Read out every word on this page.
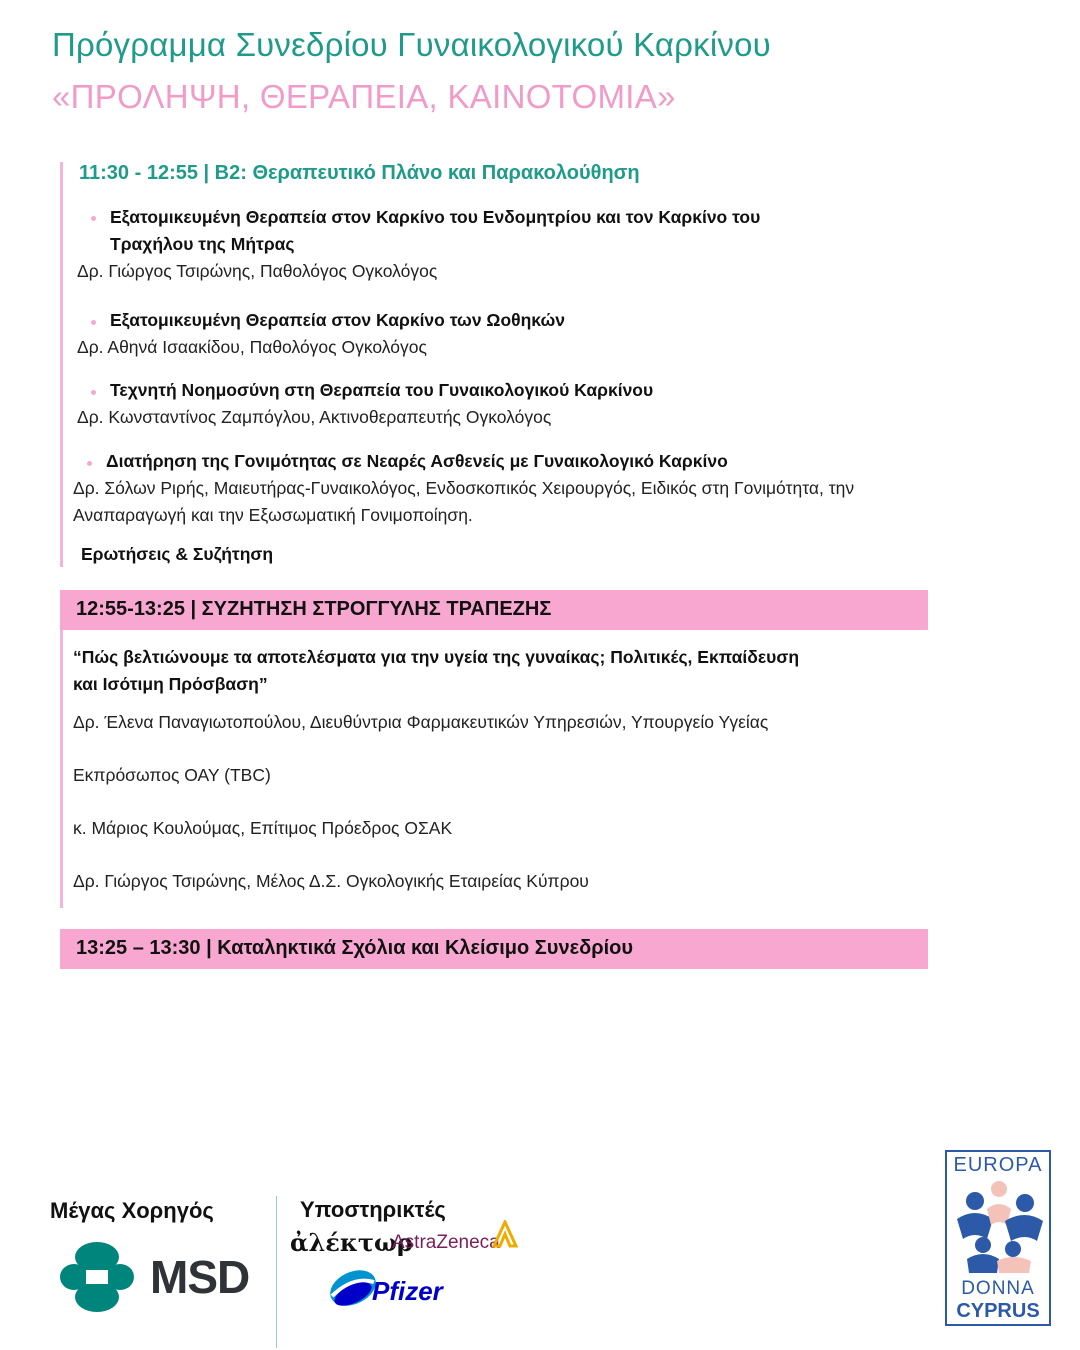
Πρόγραμμα Συνεδρίου Γυναικολογικού Καρκίνου
«ΠΡΟΛΗΨΗ, ΘΕΡΑΠΕΙΑ, ΚΑΙΝΟΤΟΜΙΑ»
11:30 - 12:55 | Β2: Θεραπευτικό Πλάνο και Παρακολούθηση
Εξατομικευμένη Θεραπεία στον Καρκίνο του Ενδομητρίου και τον Καρκίνο του
Τραχήλου της Μήτρας
Δρ. Γιώργος Τσιρώνης, Παθολόγος Ογκολόγος
Εξατομικευμένη Θεραπεία στον Καρκίνο των Ωοθηκών
Δρ. Αθηνά Ισαακίδου, Παθολόγος Ογκολόγος
Τεχνητή Νοημοσύνη στη Θεραπεία του Γυναικολογικού Καρκίνου
Δρ. Κωνσταντίνος Ζαμπόγλου, Ακτινοθεραπευτής Ογκολόγος
Διατήρηση της Γονιμότητας σε Νεαρές Ασθενείς με Γυναικολογικό Καρκίνο
Δρ. Σόλων Ριρής, Μαιευτήρας-Γυναικολόγος, Ενδοσκοπικός Χειρουργός, Ειδικός στη Γονιμότητα, την
Αναπαραγωγή και την Εξωσωματική Γονιμοποίηση.
Ερωτήσεις & Συζήτηση
12:55-13:25 | ΣΥΖΗΤΗΣΗ ΣΤΡΟΓΓΥΛΗΣ ΤΡΑΠΕΖΗΣ
“Πώς βελτιώνουμε τα αποτελέσματα για την υγεία της γυναίκας; Πολιτικές, Εκπαίδευση
και Ισότιμη Πρόσβαση”
Δρ. Έλενα Παναγιωτοπούλου, Διευθύντρια Φαρμακευτικών Υπηρεσιών, Υπουργείο Υγείας
Εκπρόσωπος ΟΑΥ (TBC)
κ. Μάριος Κουλούμας, Επίτιμος Πρόεδρος ΟΣΑΚ
Δρ. Γιώργος Τσιρώνης, Μέλος Δ.Σ. Ογκολογικής Εταιρείας Κύπρου
13:25 – 13:30 | Καταληκτικά Σχόλια και Κλείσιμο Συνεδρίου
Μέγας Χορηγός
MSD
Υποστηρικτές
ἀλέκτωρ
AstraZeneca
Pfizer
EUROPA
DONNA
CYPRUS
